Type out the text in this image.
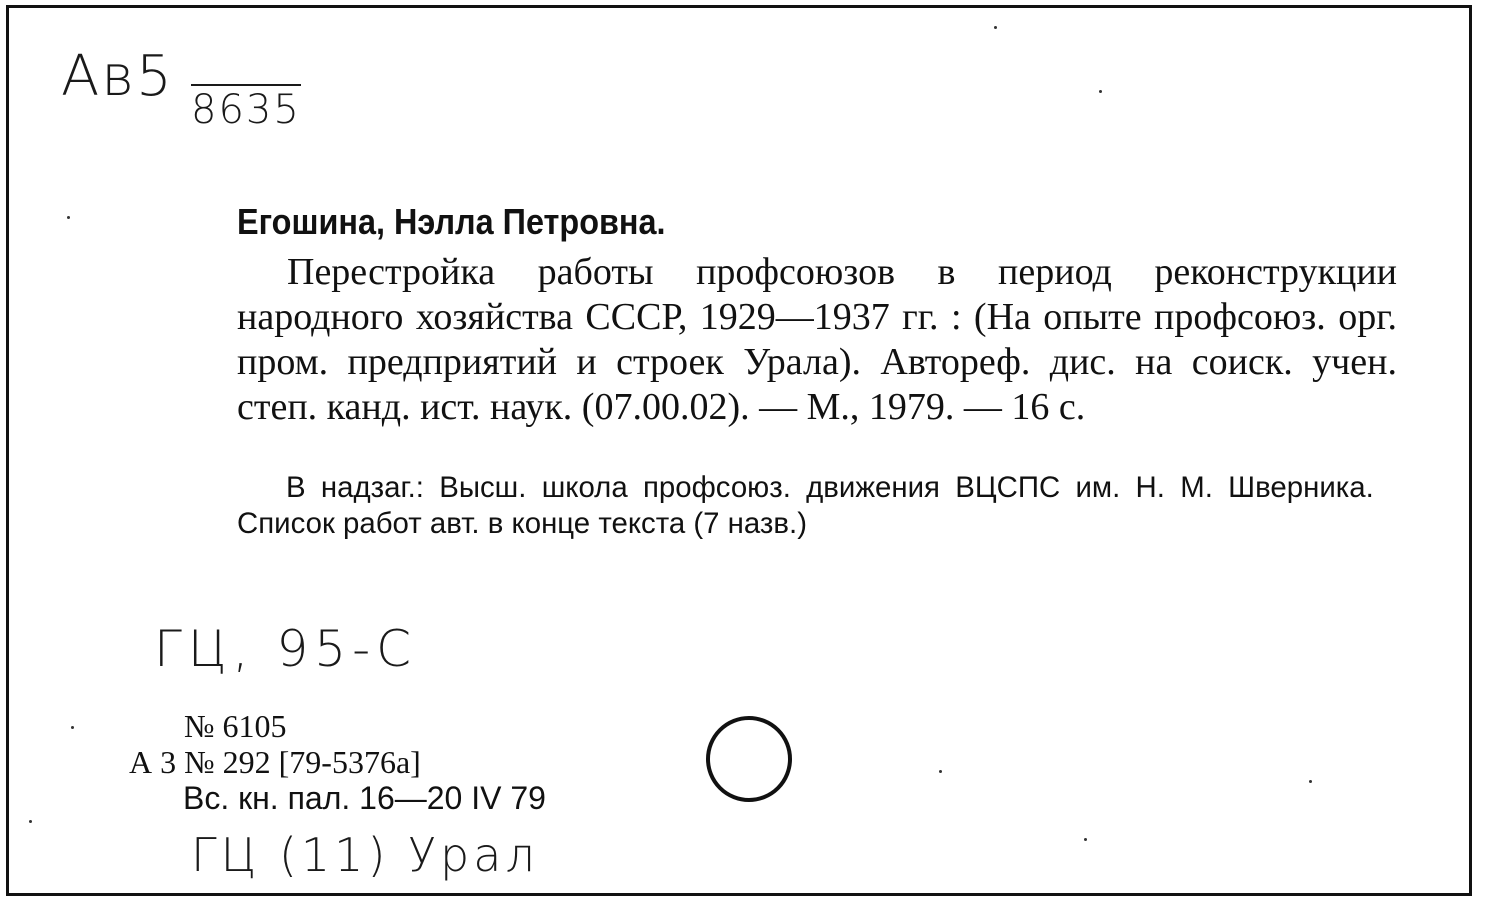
Aв5
8635
Егошина, Нэлла Петровна.
Перестройка работы профсоюзов в период реконструкции народного хозяйства СССР, 1929—1937 гг. : (На опыте профсоюз. орг. пром. предприятий и строек Урала). Автореф. дис. на соиск. учен. степ. канд. ист. наук. (07.00.02). — М., 1979. — 16 с.
В надзаг.: Высш. школа профсоюз. движения ВЦСПС им. Н. М. Шверника. Список работ авт. в конце текста (7 назв.)
ГЦ, 95-С
№ 6105
А 3 № 292 [79-5376а]
Вс. кн. пал. 16—20 IV 79
ГЦ (11) Урал
